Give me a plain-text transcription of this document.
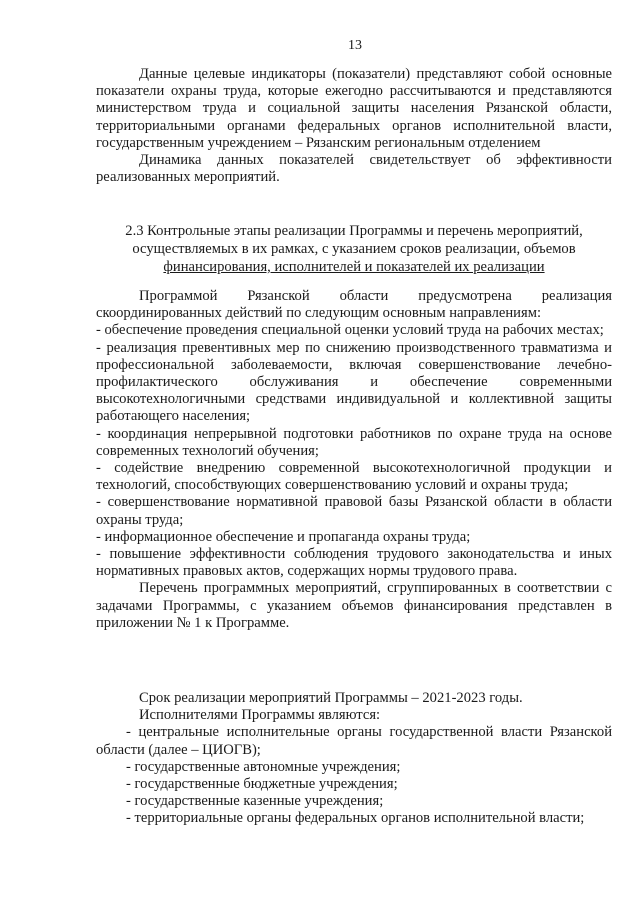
13

Данные целевые индикаторы (показатели) представляют собой основные показатели охраны труда, которые ежегодно рассчитываются и представляются министерством труда и социальной защиты населения Рязанской области, территориальными органами федеральных органов исполнительной власти, государственным учреждением – Рязанским региональным отделением

Динамика данных показателей свидетельствует об эффективности реализованных мероприятий.

2.3 Контрольные этапы реализации Программы и перечень мероприятий,

осуществляемых в их рамках, с указанием сроков реализации, объемов

финансирования, исполнителей и показателей их реализации

Программой Рязанской области предусмотрена реализация скоординированных действий по следующим основным направлениям:

- обеспечение проведения специальной оценки условий труда на рабочих местах;

- реализация превентивных мер по снижению производственного травматизма и профессиональной заболеваемости, включая совершенствование лечебно-профилактического обслуживания и обеспечение современными высокотехнологичными средствами индивидуальной и коллективной защиты работающего населения;

- координация непрерывной подготовки работников по охране труда на основе современных технологий обучения;

- содействие внедрению современной высокотехнологичной продукции и технологий, способствующих совершенствованию условий и охраны труда;

- совершенствование нормативной правовой базы Рязанской области в области охраны труда;

- информационное обеспечение и пропаганда охраны труда;

- повышение эффективности соблюдения трудового законодательства и иных нормативных правовых актов, содержащих нормы трудового права.

Перечень программных мероприятий, сгруппированных в соответствии с задачами Программы, с указанием объемов финансирования представлен в приложении № 1 к Программе.

Срок реализации мероприятий Программы – 2021-2023 годы.

Исполнителями Программы являются:

- центральные исполнительные органы государственной власти Рязанской области (далее – ЦИОГВ);

- государственные автономные учреждения;

- государственные бюджетные учреждения;

- государственные казенные учреждения;

- территориальные органы федеральных органов исполнительной власти;
